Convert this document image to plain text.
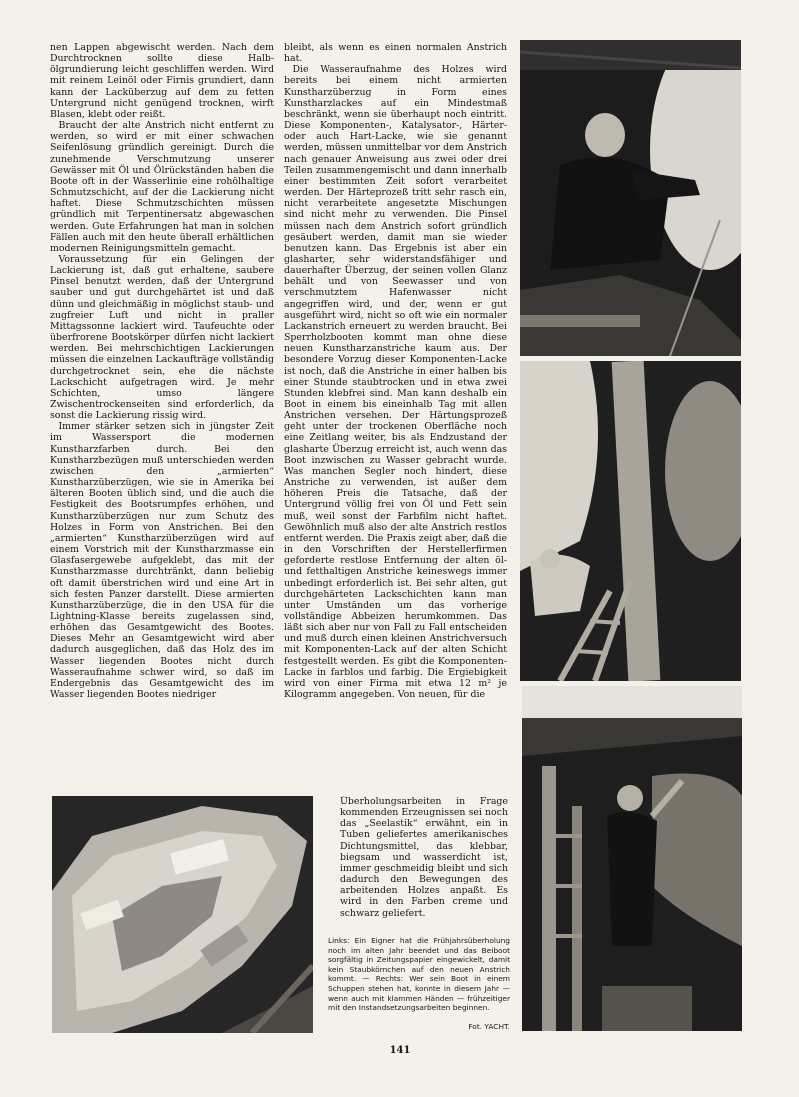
nen Lappen abgewischt werden. Nach dem Durchtrocknen sollte diese Halb-ölgrundierung leicht geschliffen werden. Wird mit reinem Leinöl oder Firnis grundiert, dann kann der Lacküberzug auf dem zu fetten Untergrund nicht genügend trocknen, wirft Blasen, klebt oder reißt.

Braucht der alte Anstrich nicht entfernt zu werden, so wird er mit einer schwachen Seifenlösung gründlich gereinigt. Durch die zunehmende Verschmutzung unserer Gewässer mit Öl und Ölrückständen haben die Boote oft in der Wasserlinie eine rohölhaltige Schmutzschicht, auf der die Lackierung nicht haftet. Diese Schmutzschichten müssen gründlich mit Terpentinersatz abgewaschen werden. Gute Erfahrungen hat man in solchen Fällen auch mit den heute überall erhältlichen modernen Reinigungsmitteln gemacht.

Voraussetzung für ein Gelingen der Lackierung ist, daß gut erhaltene, saubere Pinsel benutzt werden, daß der Untergrund sauber und gut durchgehärtet ist und daß dünn und gleichmäßig in möglichst staub- und zugfreier Luft und nicht in praller Mittagssonne lackiert wird. Taufeuchte oder überfrorene Bootskörper dürfen nicht lackiert werden. Bei mehrschichtigen Lackierungen müssen die einzelnen Lackaufträge vollständig durchgetrocknet sein, ehe die nächste Lackschicht aufgetragen wird. Je mehr Schichten, umso längere Zwischentrockenseiten sind erforderlich, da sonst die Lackierung rissig wird.

Immer stärker setzen sich in jüngster Zeit im Wassersport die modernen Kunstharzfarben durch. Bei den Kunstharzbezügen muß unterschieden werden zwischen den „armierten“ Kunstharzüberzügen, wie sie in Amerika bei älteren Booten üblich sind, und die auch die Festigkeit des Bootsrumpfes erhöhen, und Kunstharzüberzügen nur zum Schutz des Holzes in Form von Anstrichen. Bei den „armierten“ Kunstharzüberzügen wird auf einem Vorstrich mit der Kunstharzmasse ein Glasfasergewebe aufgeklebt, das mit der Kunstharzmasse durchtränkt, dann beliebig oft damit überstrichen wird und eine Art in sich festen Panzer darstellt. Diese armierten Kunstharzüberzüge, die in den USA für die Lightning-Klasse bereits zugelassen sind, erhöhen das Gesamtgewicht des Bootes. Dieses Mehr an Gesamtgewicht wird aber dadurch ausgeglichen, daß das Holz des im Wasser liegenden Bootes nicht durch Wasseraufnahme schwer wird, so daß im Endergebnis das Gesamtgewicht des im Wasser liegenden Bootes niedriger

bleibt, als wenn es einen normalen Anstrich hat.

Die Wasseraufnahme des Holzes wird bereits bei einem nicht armierten Kunstharzüberzug in Form eines Kunstharzlackes auf ein Mindestmaß beschränkt, wenn sie überhaupt noch eintritt. Diese Komponenten-, Katalysator-, Härter- oder auch Hart-Lacke, wie sie genannt werden, müssen unmittelbar vor dem Anstrich nach genauer Anweisung aus zwei oder drei Teilen zusammengemischt und dann innerhalb einer bestimmten Zeit sofort verarbeitet werden. Der Härteprozeß tritt sehr rasch ein, nicht verarbeitete angesetzte Mischungen sind nicht mehr zu verwenden. Die Pinsel müssen nach dem Anstrich sofort gründlich gesäubert werden, damit man sie wieder benutzen kann. Das Ergebnis ist aber ein glasharter, sehr widerstandsfähiger und dauerhafter Überzug, der seinen vollen Glanz behält und von Seewasser und von verschmutztem Hafenwasser nicht angegriffen wird, und der, wenn er gut ausgeführt wird, nicht so oft wie ein normaler Lackanstrich erneuert zu werden braucht. Bei Sperrholzbooten kommt man ohne diese neuen Kunstharzanstriche kaum aus. Der besondere Vorzug dieser Komponenten-Lacke ist noch, daß die Anstriche in einer halben bis einer Stunde staubtrocken und in etwa zwei Stunden klebfrei sind. Man kann deshalb ein Boot in einem bis eineinhalb Tag mit allen Anstrichen versehen. Der Härtungsprozeß geht unter der trockenen Oberfläche noch eine Zeitlang weiter, bis als Endzustand der glasharte Überzug erreicht ist, auch wenn das Boot inzwischen zu Wasser gebracht wurde. Was manchen Segler noch hindert, diese Anstriche zu verwenden, ist außer dem höheren Preis die Tatsache, daß der Untergrund völlig frei von Öl und Fett sein muß, weil sonst der Farbfilm nicht haftet. Gewöhnlich muß also der alte Anstrich restlos entfernt werden. Die Praxis zeigt aber, daß die in den Vorschriften der Herstellerfirmen geforderte restlose Entfernung der alten öl- und fetthaltigen Anstriche keineswegs immer unbedingt erforderlich ist. Bei sehr alten, gut durchgehärteten Lackschichten kann man unter Umständen um das vorherige vollständige Abbeizen herumkommen. Das läßt sich aber nur von Fall zu Fall entscheiden und muß durch einen kleinen Anstrichversuch mit Komponenten-Lack auf der alten Schicht festgestellt werden. Es gibt die Komponenten-Lacke in farblos und farbig. Die Ergiebigkeit wird von einer Firma mit etwa 12 m² je Kilogramm angegeben. Von neuen, für die

Überholungsarbeiten in Frage kommenden Erzeugnissen sei noch das „Seelastik“ erwähnt, ein in Tuben geliefertes amerikanisches Dichtungsmittel, das klebbar, biegsam und wasserdicht ist, immer geschmeidig bleibt und sich dadurch den Bewegungen des arbeitenden Holzes anpaßt. Es wird in den Farben creme und schwarz geliefert.

Links: Ein Eigner hat die Frühjahrsüberholung noch im alten Jahr beendet und das Beiboot sorgfältig in Zeitungspapier eingewickelt, damit kein Staubkörnchen auf den neuen Anstrich kommt. — Rechts: Wer sein Boot in einem Schuppen stehen hat, konnte in diesem Jahr — wenn auch mit klammen Händen — frühzeitiger mit den Instandsetzungsarbeiten beginnen.
Fot. YACHT.
141
